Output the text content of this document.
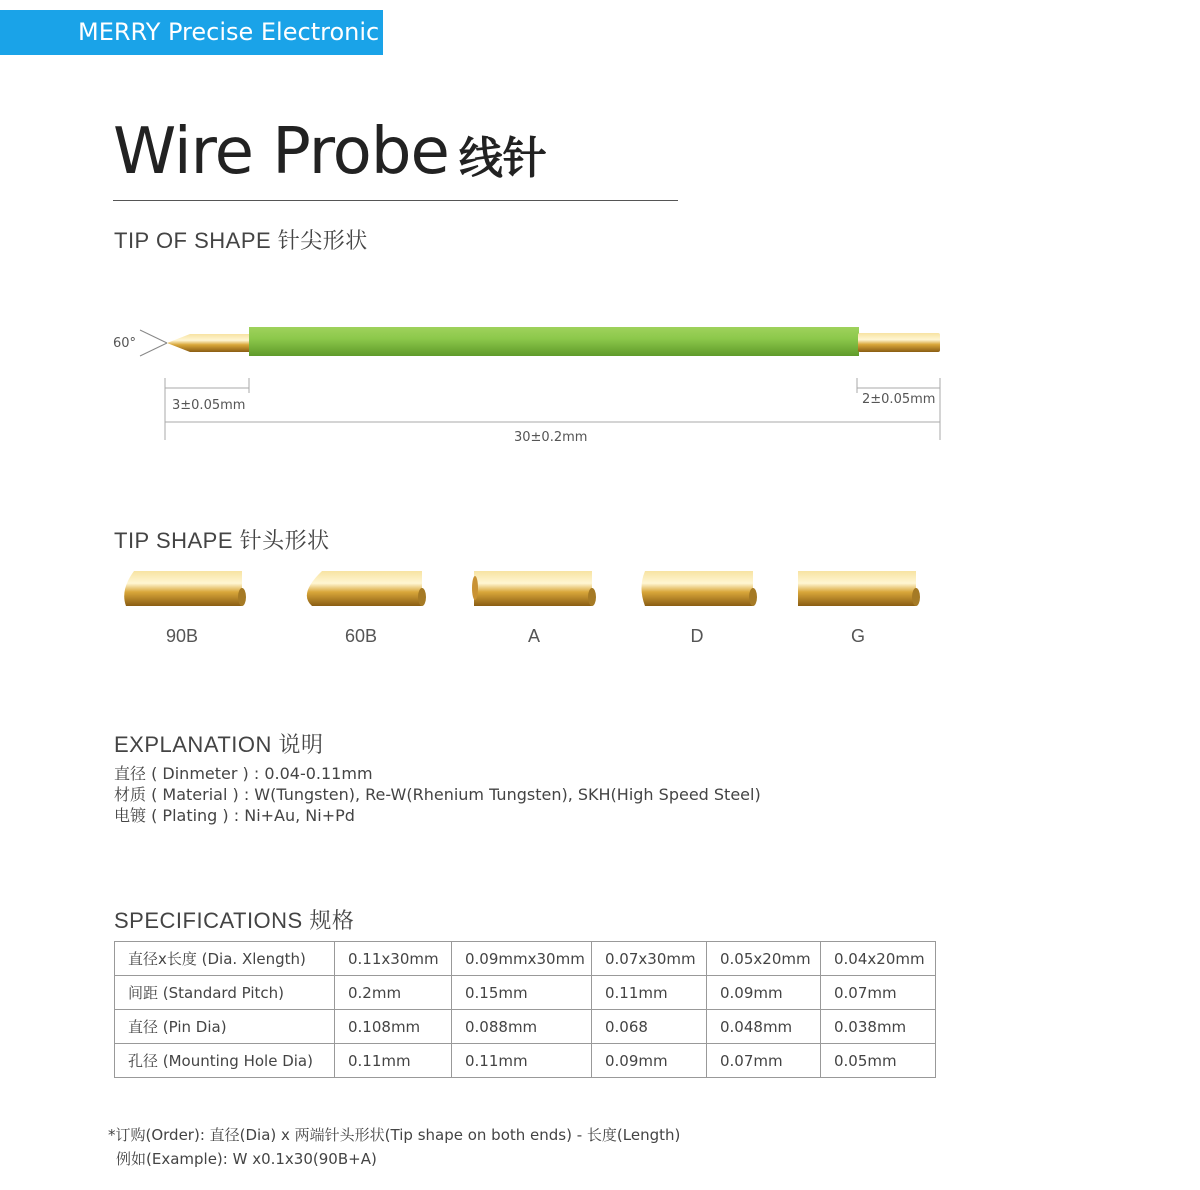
MERRY Precise Electronic
Wire Probe 线针
TIP OF SHAPE 针尖形状
60°
3±0.05mm	2±0.05mm
30±0.2mm
TIP SHAPE 针头形状
90B	60B	A	D	G
EXPLANATION 说明
直径 ( Dinmeter ) : 0.04-0.11mm
材质 ( Material ) : W(Tungsten), Re-W(Rhenium Tungsten), SKH(High Speed Steel)
电镀 ( Plating ) : Ni+Au, Ni+Pd
SPECIFICATIONS 规格
直径x长度 (Dia. Xlength)	0.11x30mm	0.09mmx30mm	0.07x30mm	0.05x20mm	0.04x20mm
间距 (Standard Pitch)	0.2mm	0.15mm	0.11mm	0.09mm	0.07mm
直径 (Pin Dia)	0.108mm	0.088mm	0.068	0.048mm	0.038mm
孔径 (Mounting Hole Dia)	0.11mm	0.11mm	0.09mm	0.07mm	0.05mm
*订购(Order): 直径(Dia) x 两端针头形状(Tip shape on both ends) - 长度(Length)
例如(Example): W x0.1x30(90B+A)
